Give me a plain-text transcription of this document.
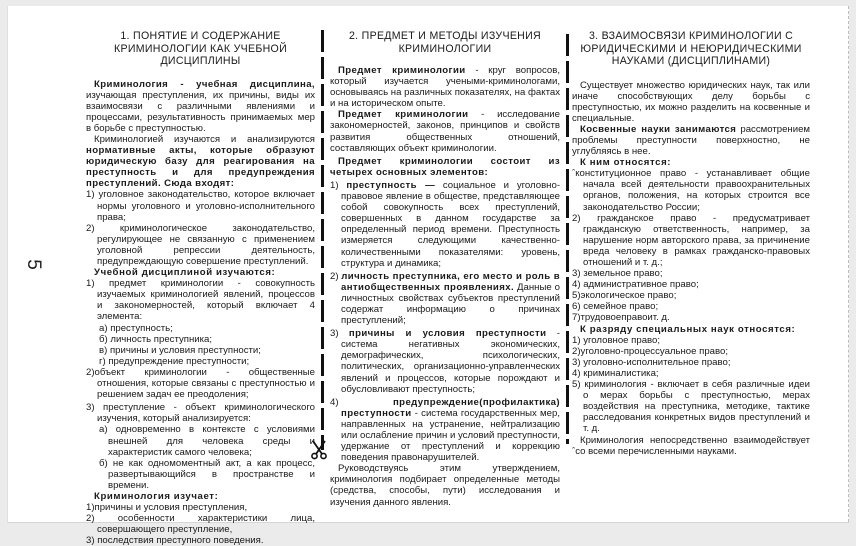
5
1. ПОНЯТИЕ И СОДЕРЖАНИЕ КРИМИНОЛОГИИ КАК УЧЕБНОЙ ДИСЦИПЛИНЫ

Криминология - учебная дисциплина, изучающая преступления, их причины, виды их взаимосвязи с различными явлениями и процессами, результативность принимаемых мер в борьбе с преступностью.

Криминологией изучаются и анализируются нормативные акты, которые образуют юридическую базу для реагирования на преступность и для предупреждения преступлений. Сюда входят:

1) уголовное законодательство, которое включает нормы уголовного и уголовно-исполнительного права;

2) криминологическое законодательство, регулирующее не связанную с применением уголовной репрессии деятельность, предупреждающую совершение преступлений.

Учебной дисциплиной изучаются:

1) предмет криминологии - совокупность изучаемых криминологией явлений, процессов и закономерностей, который включает 4 элемента:

а) преступность;

б) личность преступника;

в) причины и условия преступности;

г) предупреждение преступности;

2)объект криминологии - общественные отношения, которые связаны с преступностью и решением задач ее преодоления;

3) преступление - объект криминологического изучения, который анализируется:

а) одновременно в контексте с условиями внешней для человека среды и характеристик самого человека;

б) не как одномоментный акт, а как процесс, развертывающийся в пространстве и времени.

Криминология изучает:

1)причины и условия преступления,

2) особенности характеристики лица, совершающего преступление,

3) последствия преступного поведения.

2. ПРЕДМЕТ И МЕТОДЫ ИЗУЧЕНИЯ КРИМИНОЛОГИИ

Предмет криминологии - круг вопросов, который изучается учеными-криминологами, основываясь на различных показателях, на фактах и на историческом опыте.

Предмет криминологии - исследование закономерностей, законов, принципов и свойств развития общественных отношений, составляющих объект криминологии.

Предмет криминологии состоит из четырех основных элементов:

1) преступность — социальное и уголовно-правовое явление в обществе, представляющее собой совокупность всех преступлений, совершенных в данном государстве за определенный период времени. Преступность измеряется следующими качественно-количественными показателями: уровень, структура и динамика;

2) личность преступника, его место и роль в антиобщественных проявлениях. Данные о личностных свойствах субъектов преступлений содержат информацию о причинах преступлений;

3) причины и условия преступности - система негативных экономических, демографических, психологических, политических, организационно-управленческих явлений и процессов, которые порождают и обусловливают преступность;

4) предупреждение(профилактика) преступности - система государственных мер, направленных на устранение, нейтрализацию или ослабление причин и условий преступности, удержание от преступлений и коррекцию поведения правонарушителей.

Руководствуясь этим утверждением, криминология подбирает определенные методы (средства, способы, пути) исследования и изучения данного явления.

3. ВЗАИМОСВЯЗИ КРИМИНОЛОГИИ С ЮРИДИЧЕСКИМИ И НЕЮРИДИЧЕСКИМИ НАУКАМИ (ДИСЦИПЛИНАМИ)

Существует множество юридических наук, так или иначе способствующих делу борьбы с преступностью, их можно разделить на косвенные и специальные.

Косвенные науки занимаются рассмотрением проблемы преступности поверхностно, не углубляясь в нее.

К ним относятся:

ˆконституционное право - устанавливает общие начала всей деятельности правоохранительных органов, положения, на которых строится все законодательство России;

2) гражданское право - предусматривает гражданскую ответственность, например, за нарушение норм авторского права, за причинение вреда человеку в рамках гражданско-правовых отношений и т. д.;

3) земельное право;

4) административное право;

5)экологическое право;

6) семейное право;

7)трудовоеправоит. д.

К разряду специальных наук относятся:

1) уголовное право;

2)уголовно-процессуальное право;

3) уголовно-исполнительное право;

4) криминалистика;

5) криминология - включает в себя различные идеи о мерах борьбы с преступностью, мерах воздействия на преступника, методике, тактике расследования конкретных видов преступлений и т. д.

Криминология непосредственно взаимодействует ˆсо всеми перечисленными науками.
